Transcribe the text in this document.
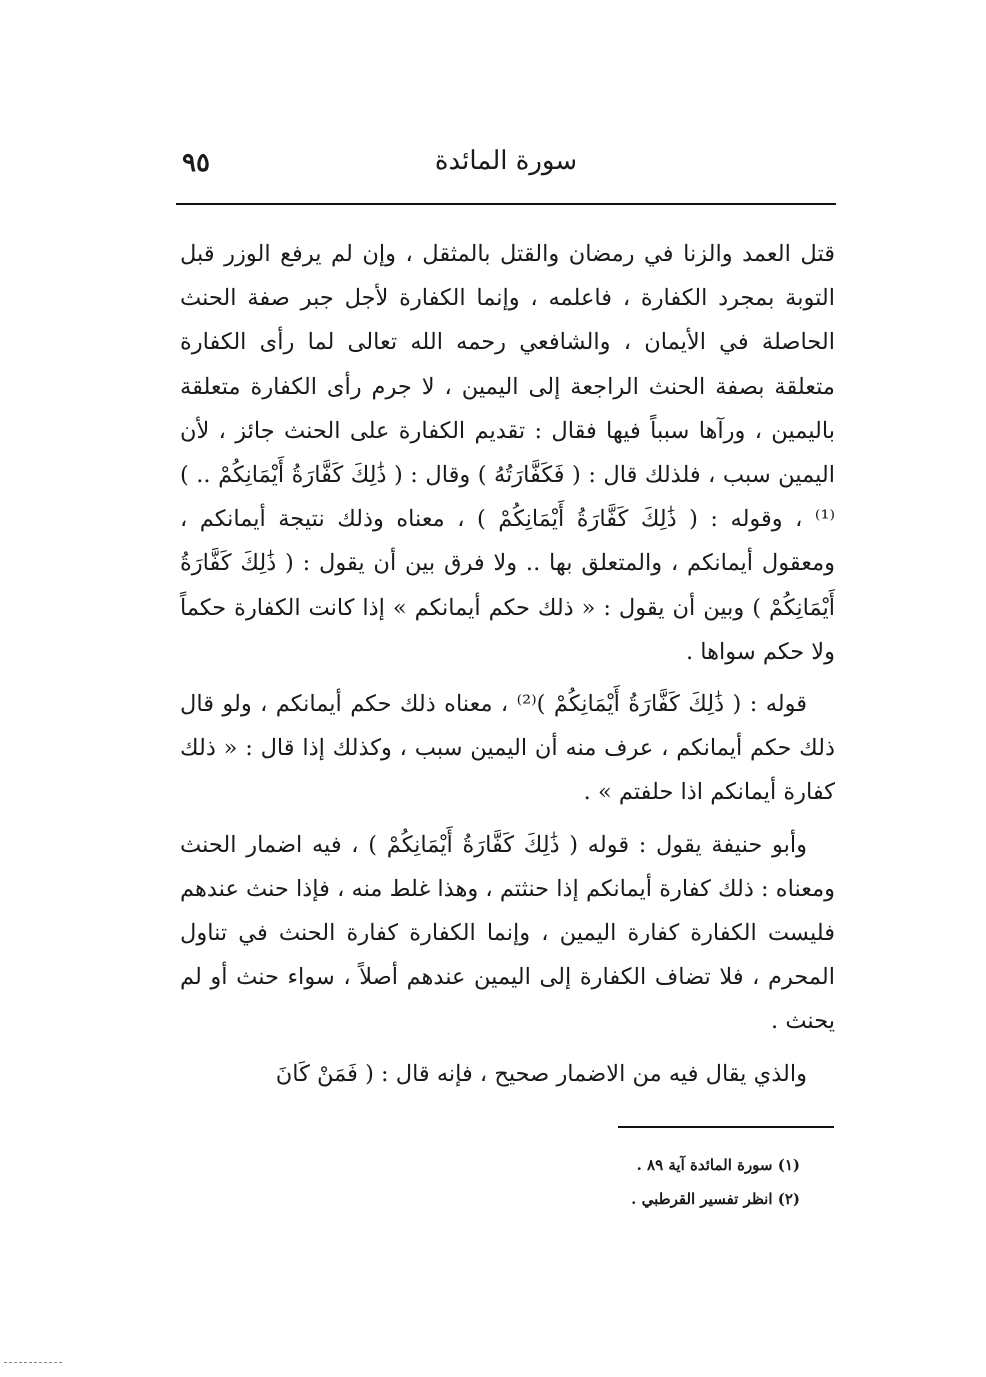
٩٥	سورة المائدة

قتل العمد والزنا في رمضان والقتل بالمثقل ، وإن لم يرفع الوزر قبل التوبة بمجرد الكفارة ، فاعلمه ، وإنما الكفارة لأجل جبر صفة الحنث الحاصلة في الأيمان ، والشافعي رحمه الله تعالى لما رأى الكفارة متعلقة بصفة الحنث الراجعة إلى اليمين ، لا جرم رأى الكفارة متعلقة باليمين ، ورآها سبباً فيها فقال : تقديم الكفارة على الحنث جائز ، لأن اليمين سبب ، فلذلك قال : ( فَكَفَّارَتُهُ ) وقال : ( ذَٰلِكَ كَفَّارَةُ أَيْمَانِكُمْ .. )⁽¹⁾ ، وقوله : ( ذَٰلِكَ كَفَّارَةُ أَيْمَانِكُمْ ) ، معناه وذلك نتيجة أيمانكم ، ومعقول أيمانكم ، والمتعلق بها .. ولا فرق بين أن يقول : ( ذَٰلِكَ كَفَّارَةُ أَيْمَانِكُمْ ) وبين أن يقول : « ذلك حكم أيمانكم » إذا كانت الكفارة حكماً ولا حكم سواها .

قوله : ( ذَٰلِكَ كَفَّارَةُ أَيْمَانِكُمْ )⁽²⁾ ، معناه ذلك حكم أيمانكم ، ولو قال ذلك حكم أيمانكم ، عرف منه أن اليمين سبب ، وكذلك إذا قال : « ذلك كفارة أيمانكم اذا حلفتم » .

وأبو حنيفة يقول : قوله ( ذَٰلِكَ كَفَّارَةُ أَيْمَانِكُمْ ) ، فيه اضمار الحنث ومعناه : ذلك كفارة أيمانكم إذا حنثتم ، وهذا غلط منه ، فإذا حنث عندهم فليست الكفارة كفارة اليمين ، وإنما الكفارة كفارة الحنث في تناول المحرم ، فلا تضاف الكفارة إلى اليمين عندهم أصلاً ، سواء حنث أو لم يحنث .

والذي يقال فيه من الاضمار صحيح ، فإنه قال : ( فَمَنْ كَانَ

(١) سورة المائدة آية ٨٩ .

(٢) انظر تفسير القرطبي .
